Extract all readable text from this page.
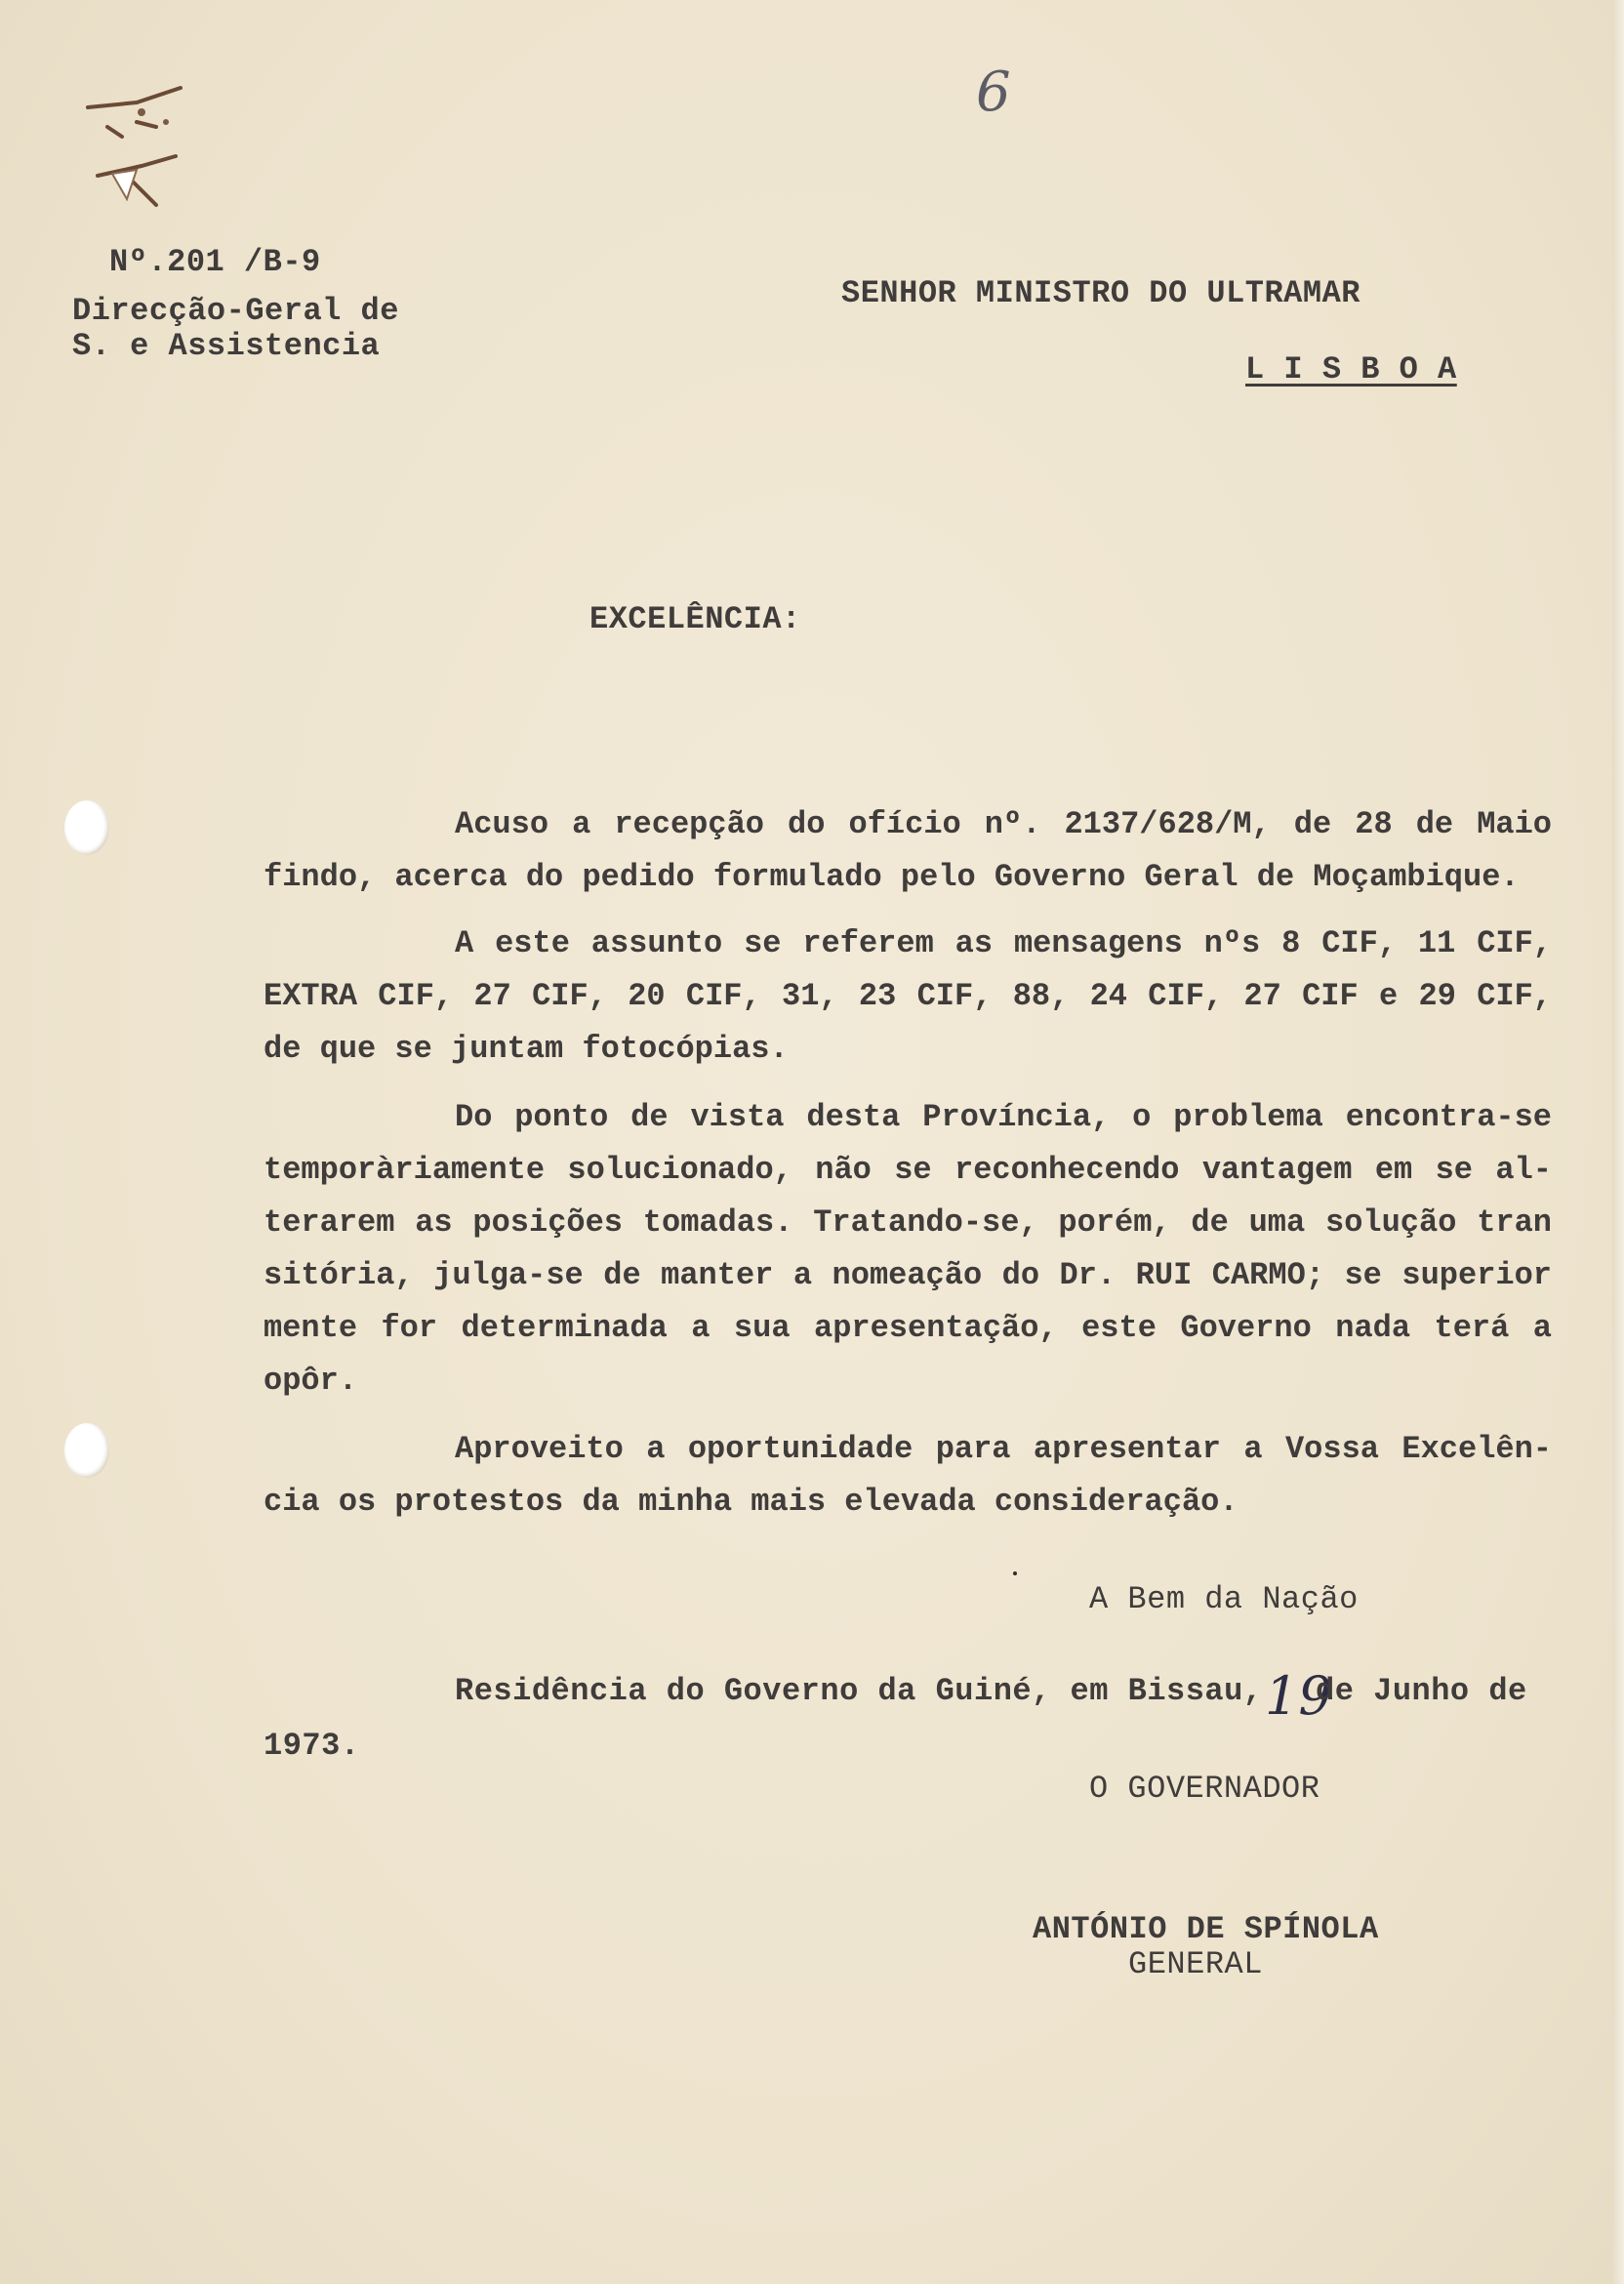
6
Nº.201 /B-9
Direcção-Geral de
S. e Assistencia
SENHOR MINISTRO DO ULTRAMAR
L I S B O A
EXCELÊNCIA:
Acuso a recepção do ofício nº. 2137/628/M, de 28 de Maio
findo, acerca do pedido formulado pelo Governo Geral de Moçambique.
A este assunto se referem as mensagens nºs 8 CIF, 11 CIF,
EXTRA CIF, 27 CIF, 20 CIF, 31, 23 CIF, 88, 24 CIF, 27 CIF e 29 CIF,
de que se juntam fotocópias.
Do ponto de vista desta Província, o problema encontra-se
temporàriamente solucionado, não se reconhecendo vantagem em se al-
terarem as posições tomadas. Tratando-se, porém, de uma solução tran
sitória, julga-se de manter a nomeação do Dr. RUI CARMO; se superior
mente for determinada a sua apresentação, este Governo nada terá a
opôr.
Aproveito a oportunidade para apresentar a Vossa Excelên-
cia os protestos da minha mais elevada consideração.
A Bem da Nação
Residência do Governo da Guiné, em Bissau, 19
de Junho de
1973.
O GOVERNADOR
ANTÓNIO DE SPÍNOLA
GENERAL
